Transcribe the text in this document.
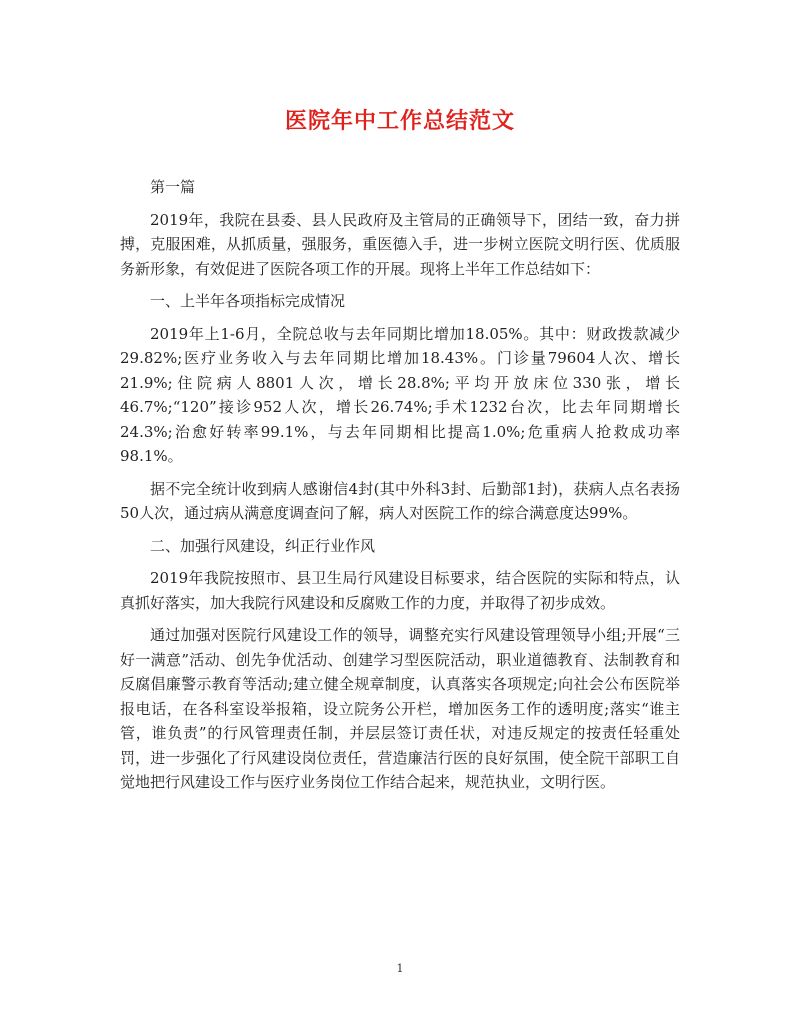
医院年中工作总结范文

第一篇

2019年，我院在县委、县人民政府及主管局的正确领导下，团结一致，奋力拼搏，克服困难，从抓质量，强服务，重医德入手，进一步树立医院文明行医、优质服务新形象，有效促进了医院各项工作的开展。现将上半年工作总结如下：

一、上半年各项指标完成情况

2019年上1-6月，全院总收与去年同期比增加18.05%。其中：财政拨款减少29.82%;医疗业务收入与去年同期比增加18.43%。门诊量79604人次、增长21.9%;住院病人8801人次，增长28.8%;平均开放床位330张，增长46.7%;“120”接诊952人次，增长26.74%;手术1232台次，比去年同期增长24.3%;治愈好转率99.1%，与去年同期相比提高1.0%;危重病人抢救成功率98.1%。

据不完全统计收到病人感谢信4封(其中外科3封、后勤部1封)，获病人点名表扬50人次，通过病从满意度调查问了解，病人对医院工作的综合满意度达99%。

二、加强行风建设，纠正行业作风

2019年我院按照市、县卫生局行风建设目标要求，结合医院的实际和特点，认真抓好落实，加大我院行风建设和反腐败工作的力度，并取得了初步成效。

通过加强对医院行风建设工作的领导，调整充实行风建设管理领导小组;开展“三好一满意”活动、创先争优活动、创建学习型医院活动，职业道德教育、法制教育和反腐倡廉警示教育等活动;建立健全规章制度，认真落实各项规定;向社会公布医院举报电话，在各科室设举报箱，设立院务公开栏，增加医务工作的透明度;落实“谁主管，谁负责”的行风管理责任制，并层层签订责任状，对违反规定的按责任轻重处罚，进一步强化了行风建设岗位责任，营造廉洁行医的良好氛围，使全院干部职工自觉地把行风建设工作与医疗业务岗位工作结合起来，规范执业，文明行医。

1
